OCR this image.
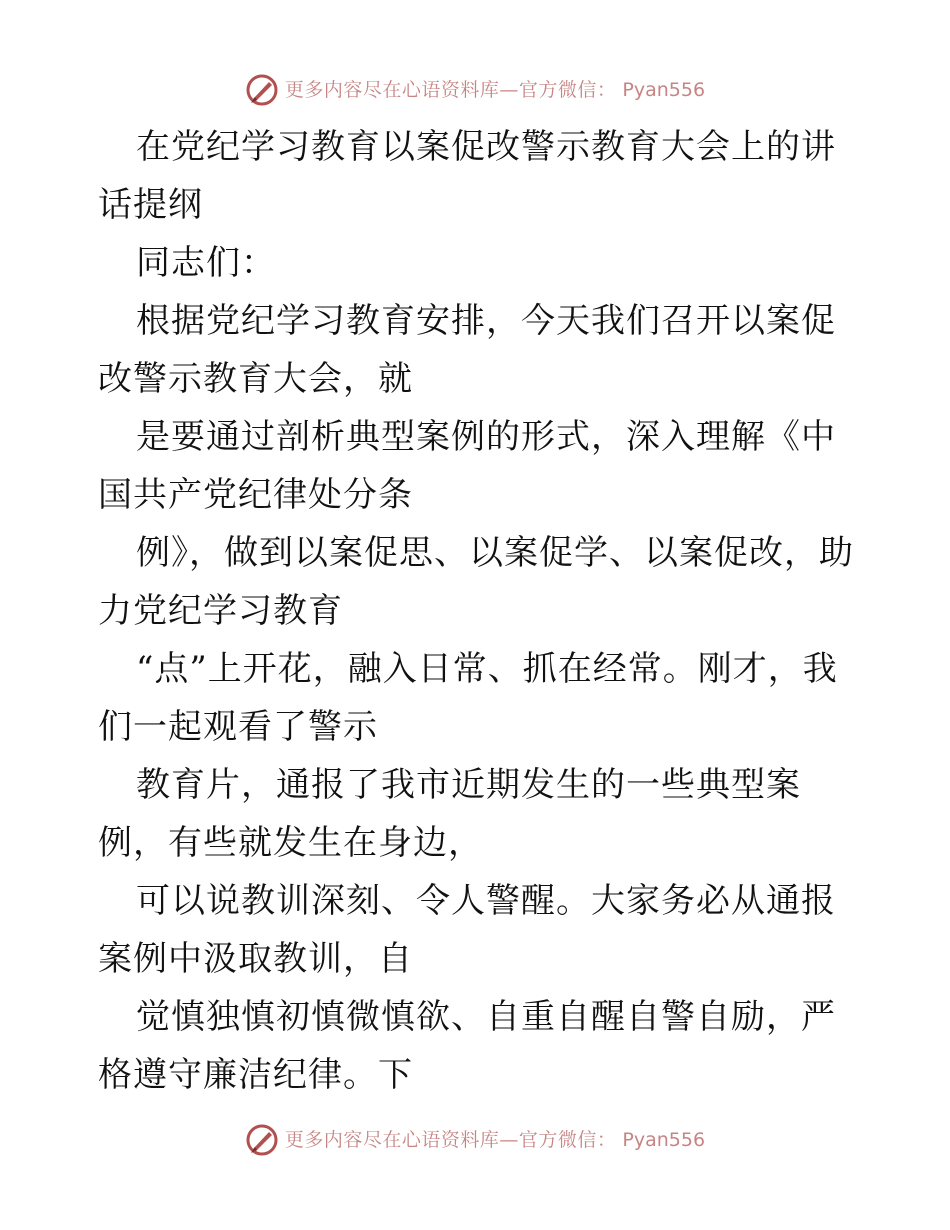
更多内容尽在心语资料库—官方微信： Pyan556

在党纪学习教育以案促改警示教育大会上的讲话提纲

同志们：

根据党纪学习教育安排，今天我们召开以案促改警示教育大会，就

是要通过剖析典型案例的形式，深入理解《中国共产党纪律处分条

例》，做到以案促思、以案促学、以案促改，助力党纪学习教育

“点”上开花，融入日常、抓在经常。刚才，我们一起观看了警示

教育片，通报了我市近期发生的一些典型案例，有些就发生在身边，

可以说教训深刻、令人警醒。大家务必从通报案例中汲取教训，自

觉慎独慎初慎微慎欲、自重自醒自警自励，严格遵守廉洁纪律。下

更多内容尽在心语资料库—官方微信： Pyan556
